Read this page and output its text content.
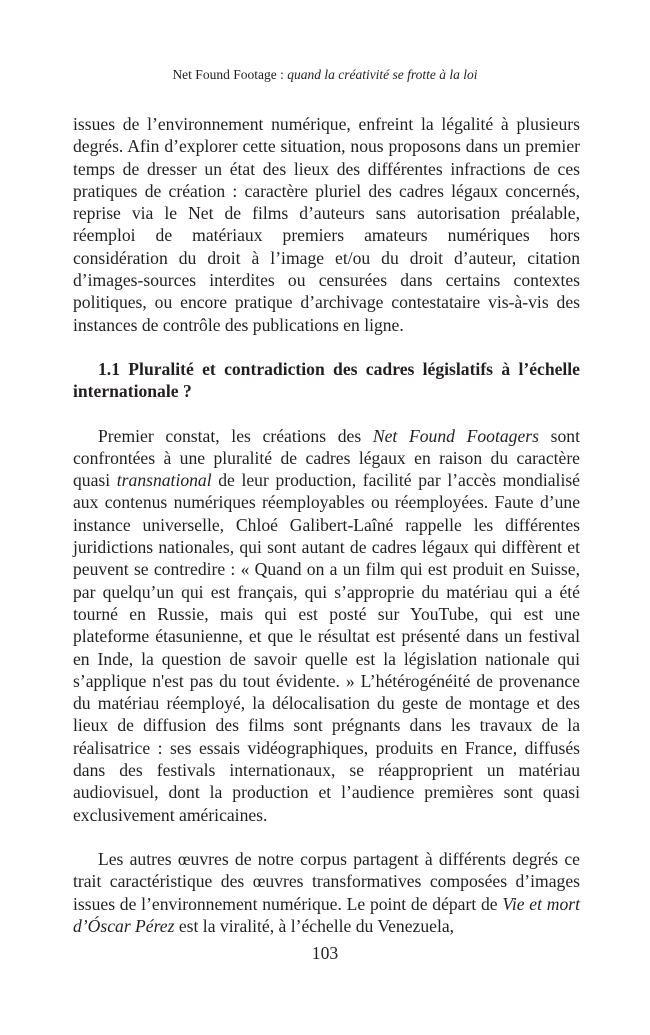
Net Found Footage : quand la créativité se frotte à la loi

issues de l’environnement numérique, enfreint la légalité à plusieurs degrés. Afin d’explorer cette situation, nous proposons dans un premier temps de dresser un état des lieux des différentes infractions de ces pratiques de création : caractère pluriel des cadres légaux concernés, reprise via le Net de films d’auteurs sans autorisation préalable, réemploi de matériaux premiers amateurs numériques hors considération du droit à l’image et/ou du droit d’auteur, citation d’images-sources interdites ou censurées dans certains contextes politiques, ou encore pratique d’archivage contestataire vis-à-vis des instances de contrôle des publications en ligne.

1.1 Pluralité et contradiction des cadres législatifs à l’échelle internationale ?

Premier constat, les créations des Net Found Footagers sont confrontées à une pluralité de cadres légaux en raison du caractère quasi transnational de leur production, facilité par l’accès mondialisé aux contenus numériques réemployables ou réemployées. Faute d’une instance universelle, Chloé Galibert-Laîné rappelle les différentes juridictions nationales, qui sont autant de cadres légaux qui diffèrent et peuvent se contredire : « Quand on a un film qui est produit en Suisse, par quelqu’un qui est français, qui s’approprie du matériau qui a été tourné en Russie, mais qui est posté sur YouTube, qui est une plateforme étasunienne, et que le résultat est présenté dans un festival en Inde, la question de savoir quelle est la législation nationale qui s’applique n'est pas du tout évidente. » L’hétérogénéité de provenance du matériau réemployé, la délocalisation du geste de montage et des lieux de diffusion des films sont prégnants dans les travaux de la réalisatrice : ses essais vidéographiques, produits en France, diffusés dans des festivals internationaux, se réapproprient un matériau audiovisuel, dont la production et l’audience premières sont quasi exclusivement américaines.

Les autres œuvres de notre corpus partagent à différents degrés ce trait caractéristique des œuvres transformatives composées d’images issues de l’environnement numérique. Le point de départ de Vie et mort d’Óscar Pérez est la viralité, à l’échelle du Venezuela,

103
